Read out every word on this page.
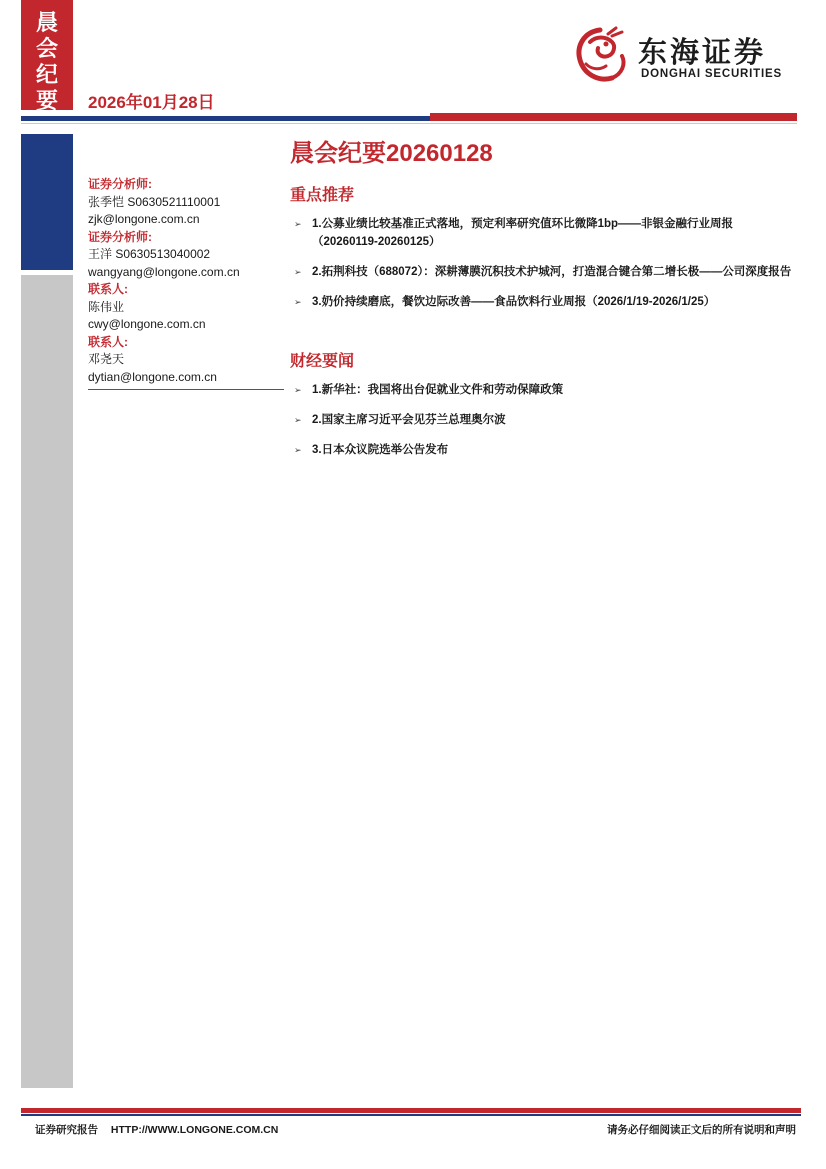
晨
会
纪
要	2026年01月28日
东海证券
DONGHAI SECURITIES
晨会纪要20260128
证券分析师:
张季恺 S0630521110001
zjk@longone.com.cn
证券分析师:
王洋 S0630513040002
wangyang@longone.com.cn
联系人:
陈伟业
cwy@longone.com.cn
联系人:
邓尧天
dytian@longone.com.cn
重点推荐
➢ 1.公募业绩比较基准正式落地，预定利率研究值环比微降1bp——非银金融行业周报（20260119-20260125）
➢ 2.拓荆科技（688072）：深耕薄膜沉积技术护城河，打造混合键合第二增长极——公司深度报告
➢ 3.奶价持续磨底，餐饮边际改善——食品饮料行业周报（2026/1/19-2026/1/25）
财经要闻
➢ 1.新华社：我国将出台促就业文件和劳动保障政策
➢ 2.国家主席习近平会见芬兰总理奥尔波
➢ 3.日本众议院选举公告发布
证券研究报告 HTTP://WWW.LONGONE.COM.CN	请务必仔细阅读正文后的所有说明和声明
